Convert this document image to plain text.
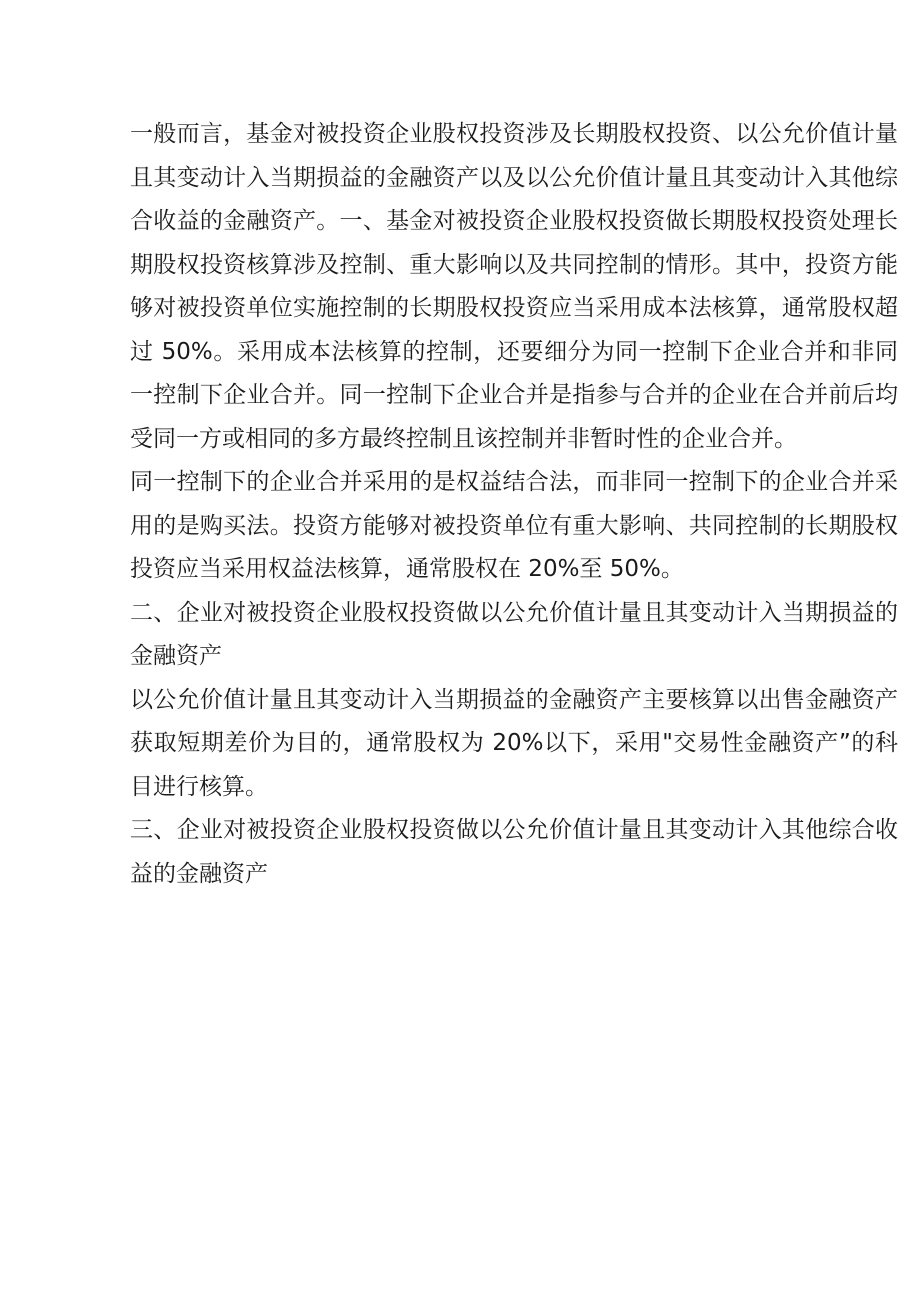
一般而言，基金对被投资企业股权投资涉及长期股权投资、以公允价值计量且其变动计入当期损益的金融资产以及以公允价值计量且其变动计入其他综合收益的金融资产。一、基金对被投资企业股权投资做长期股权投资处理长期股权投资核算涉及控制、重大影响以及共同控制的情形。其中，投资方能够对被投资单位实施控制的长期股权投资应当采用成本法核算，通常股权超过 50%。采用成本法核算的控制，还要细分为同一控制下企业合并和非同一控制下企业合并。同一控制下企业合并是指参与合并的企业在合并前后均受同一方或相同的多方最终控制且该控制并非暂时性的企业合并。

同一控制下的企业合并采用的是权益结合法，而非同一控制下的企业合并采用的是购买法。投资方能够对被投资单位有重大影响、共同控制的长期股权投资应当采用权益法核算，通常股权在 20%至 50%。

二、企业对被投资企业股权投资做以公允价值计量且其变动计入当期损益的金融资产

以公允价值计量且其变动计入当期损益的金融资产主要核算以出售金融资产获取短期差价为目的，通常股权为 20%以下，采用"交易性金融资产”的科目进行核算。

三、企业对被投资企业股权投资做以公允价值计量且其变动计入其他综合收益的金融资产
